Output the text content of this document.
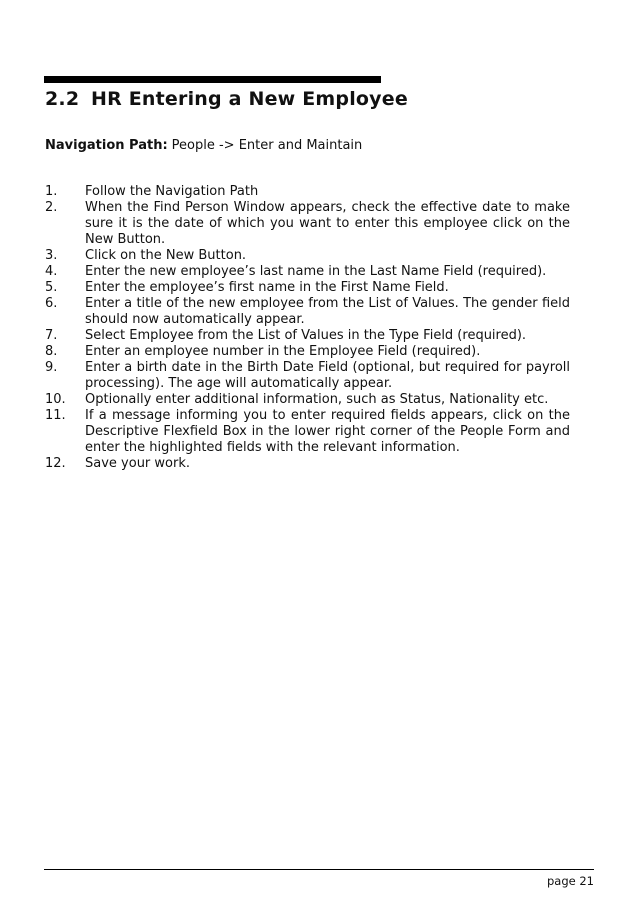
2.2 HR Entering a New Employee
Navigation Path: People -> Enter and Maintain
1. Follow the Navigation Path
2. When the Find Person Window appears, check the effective date to make sure it is the date of which you want to enter this employee click on the New Button.
3. Click on the New Button.
4. Enter the new employee’s last name in the Last Name Field (required).
5. Enter the employee’s first name in the First Name Field.
6. Enter a title of the new employee from the List of Values. The gender field should now automatically appear.
7. Select Employee from the List of Values in the Type Field (required).
8. Enter an employee number in the Employee Field (required).
9. Enter a birth date in the Birth Date Field (optional, but required for payroll processing). The age will automatically appear.
10. Optionally enter additional information, such as Status, Nationality etc.
11. If a message informing you to enter required fields appears, click on the Descriptive Flexfield Box in the lower right corner of the People Form and enter the highlighted fields with the relevant information.
12. Save your work.
page 21
